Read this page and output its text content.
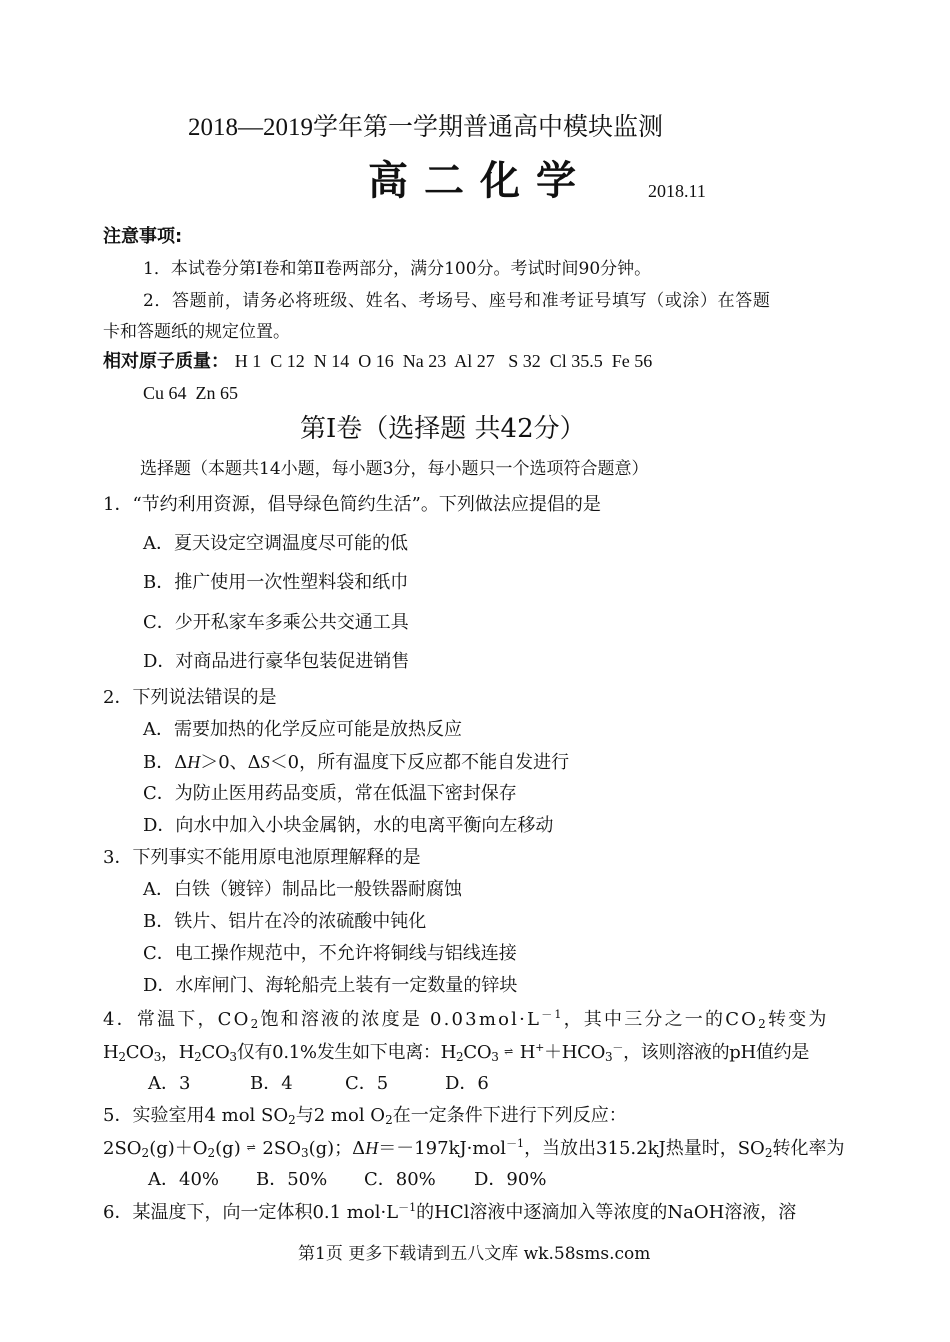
2018—2019学年第一学期普通高中模块监测
高二化学	2018.11
注意事项:
1．本试卷分第Ⅰ卷和第Ⅱ卷两部分，满分100分。考试时间90分钟。
2．答题前，请务必将班级、姓名、考场号、座号和准考证号填写（或涂）在答题
卡和答题纸的规定位置。
相对原子质量： H 1  C 12  N 14  O 16  Na 23  Al 27   S 32  Cl 35.5  Fe 56
Cu 64  Zn 65
第Ⅰ卷（选择题 共42分）
选择题（本题共14小题，每小题3分，每小题只一个选项符合题意）
1．“节约利用资源，倡导绿色简约生活”。下列做法应提倡的是
A．夏天设定空调温度尽可能的低
B．推广使用一次性塑料袋和纸巾
C．少开私家车多乘公共交通工具
D．对商品进行豪华包装促进销售
2．下列说法错误的是
A．需要加热的化学反应可能是放热反应
B．ΔH＞0、ΔS＜0，所有温度下反应都不能自发进行
C．为防止医用药品变质，常在低温下密封保存
D．向水中加入小块金属钠，水的电离平衡向左移动
3．下列事实不能用原电池原理解释的是
A．白铁（镀锌）制品比一般铁器耐腐蚀
B．铁片、铝片在冷的浓硫酸中钝化
C．电工操作规范中，不允许将铜线与铝线连接
D．水库闸门、海轮船壳上装有一定数量的锌块
4．常温下，$CO_2$饱和溶液的浓度是 $0.03mol\cdot L^{-1}$，其中三分之一的$CO_2$转变为
$H_2CO_3$，$H_2CO_3$仅有0.1%发生如下电离：$H_2CO_3$ ⇌ $H^++HCO_3^-$，该则溶液的pH值约是
A．3	B．4	C．5	D．6
5．实验室用4 mol $SO_2$与2 mol $O_2$在一定条件下进行下列反应：
$2SO_2(g)+O_2(g)$ ⇌ $2SO_3(g)$；ΔH＝－197kJ·mol$^{-1}$，当放出315.2kJ热量时，$SO_2$转化率为
A．40% B．50% C．80% D．90%
6．某温度下，向一定体积0.1 $mol\cdot L^{-1}$的HCl溶液中逐滴加入等浓度的NaOH溶液，溶
第1页 更多下载请到五八文库 wk.58sms.com
